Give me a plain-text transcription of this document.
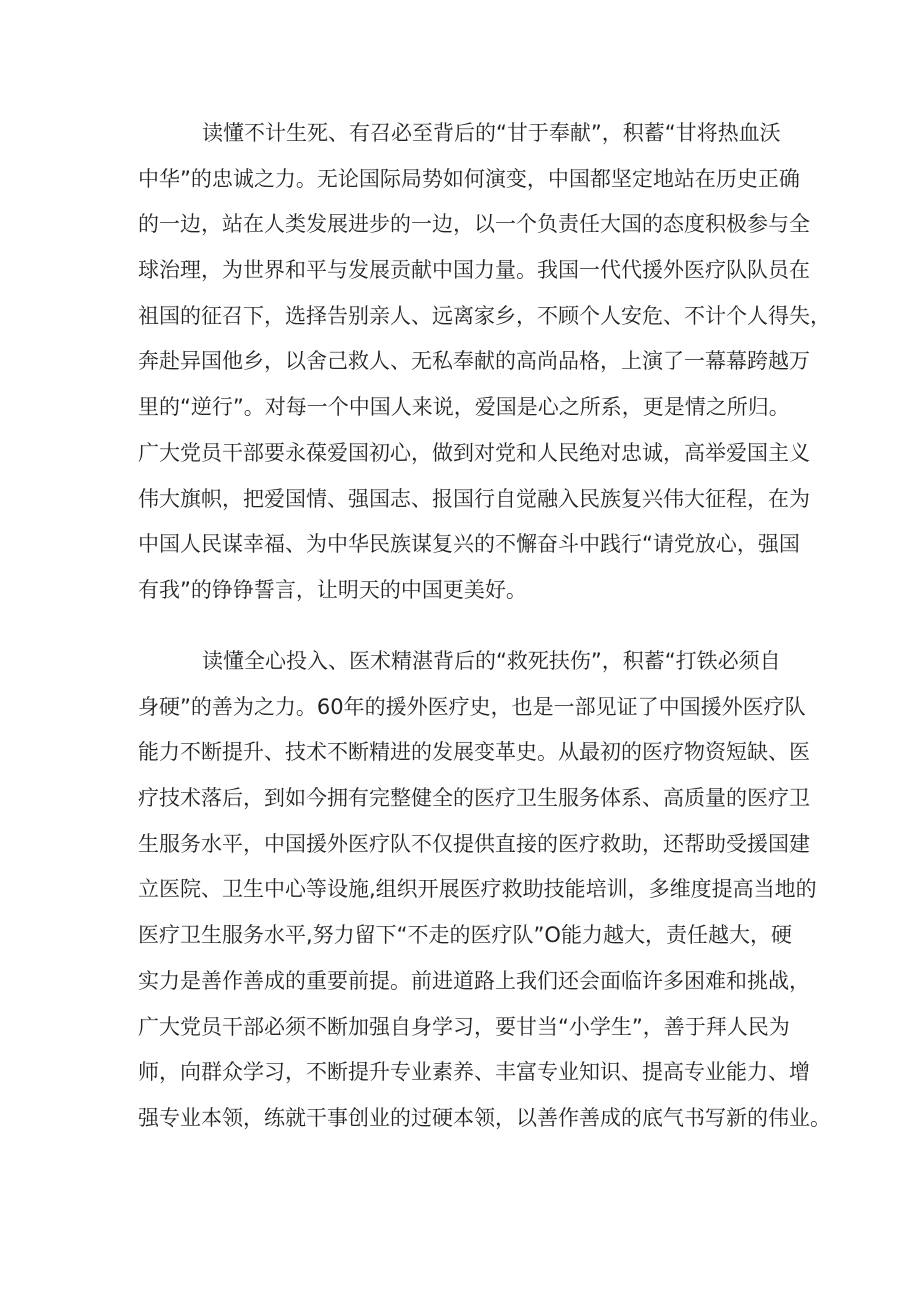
读懂不计生死、有召必至背后的“甘于奉献”，积蓄“甘将热血沃
中华”的忠诚之力。无论国际局势如何演变，中国都坚定地站在历史正确
的一边，站在人类发展进步的一边，以一个负责任大国的态度积极参与全
球治理，为世界和平与发展贡献中国力量。我国一代代援外医疗队队员在
祖国的征召下，选择告别亲人、远离家乡，不顾个人安危、不计个人得失，
奔赴异国他乡，以舍己救人、无私奉献的高尚品格，上演了一幕幕跨越万
里的“逆行”。对每一个中国人来说，爱国是心之所系，更是情之所归。
广大党员干部要永葆爱国初心，做到对党和人民绝对忠诚，高举爱国主义
伟大旗帜，把爱国情、强国志、报国行自觉融入民族复兴伟大征程，在为
中国人民谋幸福、为中华民族谋复兴的不懈奋斗中践行“请党放心，强国
有我”的铮铮誓言，让明天的中国更美好。
读懂全心投入、医术精湛背后的“救死扶伤”，积蓄“打铁必须自
身硬”的善为之力。60年的援外医疗史，也是一部见证了中国援外医疗队
能力不断提升、技术不断精进的发展变革史。从最初的医疗物资短缺、医
疗技术落后，到如今拥有完整健全的医疗卫生服务体系、高质量的医疗卫
生服务水平，中国援外医疗队不仅提供直接的医疗救助，还帮助受援国建
立医院、卫生中心等设施,组织开展医疗救助技能培训，多维度提高当地的
医疗卫生服务水平,努力留下“不走的医疗队”O能力越大，责任越大，硬
实力是善作善成的重要前提。前进道路上我们还会面临许多困难和挑战，
广大党员干部必须不断加强自身学习，要甘当“小学生”，善于拜人民为
师，向群众学习，不断提升专业素养、丰富专业知识、提高专业能力、增
强专业本领，练就干事创业的过硬本领，以善作善成的底气书写新的伟业。
